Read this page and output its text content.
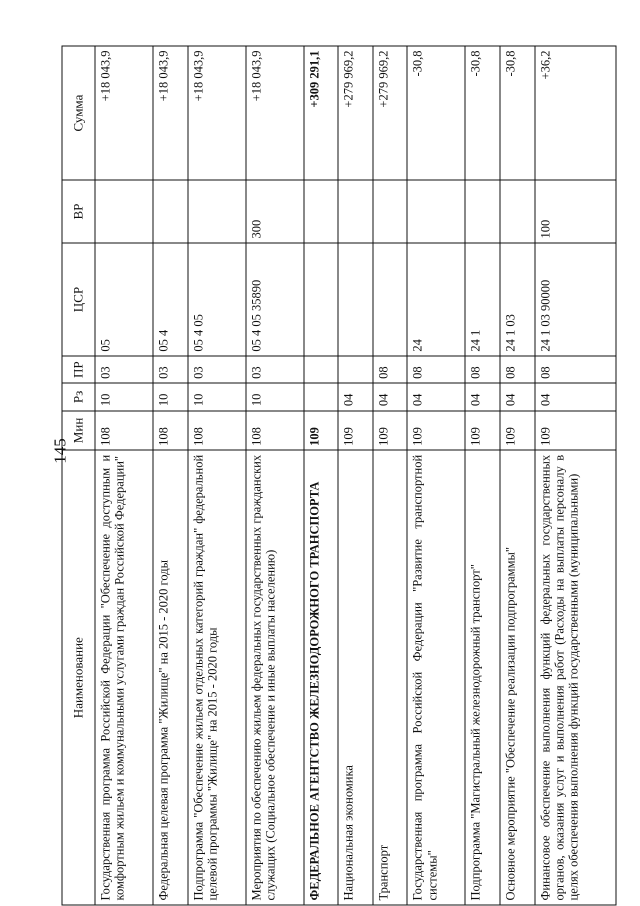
145
Наименование	Мин	Рз	ПР	ЦСР	ВР	Сумма
Государственная программа Российской Федерации "Обеспечение доступным и комфортным жильем и коммунальными услугами граждан Российской Федерации"	108	10	03	05		+18 043,9
Федеральная целевая программа "Жилище" на 2015 - 2020 годы	108	10	03	05 4		+18 043,9
Подпрограмма "Обеспечение жильем отдельных категорий граждан" федеральной целевой программы "Жилище" на 2015 - 2020 годы	108	10	03	05 4 05		+18 043,9
Мероприятия по обеспечению жильем федеральных государственных гражданских служащих (Социальное обеспечение и иные выплаты населению)	108	10	03	05 4 05 35890	300	+18 043,9
ФЕДЕРАЛЬНОЕ АГЕНТСТВО ЖЕЛЕЗНОДОРОЖНОГО ТРАНСПОРТА	109					+309 291,1
Национальная экономика	109	04				+279 969,2
Транспорт	109	04	08			+279 969,2
Государственная программа Российской Федерации "Развитие транспортной системы"	109	04	08	24		-30,8
Подпрограмма "Магистральный железнодорожный транспорт"	109	04	08	24 1		-30,8
Основное мероприятие "Обеспечение реализации подпрограммы"	109	04	08	24 1 03		-30,8
Финансовое обеспечение выполнения функций федеральных государственных органов, оказания услуг и выполнения работ (Расходы на выплаты персоналу в целях обеспечения выполнения функций государственными (муниципальными)	109	04	08	24 1 03 90000	100	+36,2
